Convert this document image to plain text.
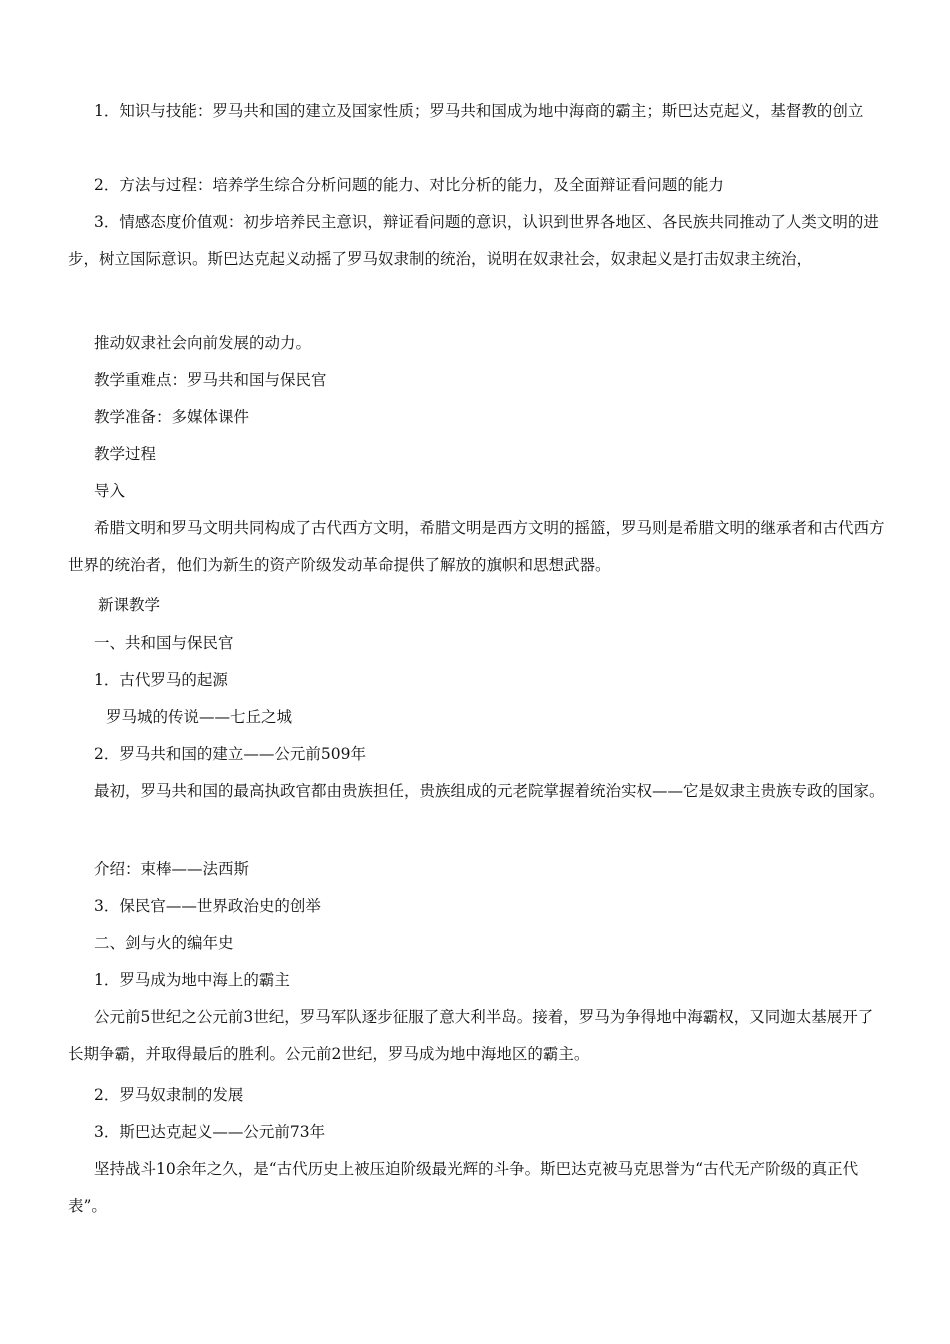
1．知识与技能：罗马共和国的建立及国家性质；罗马共和国成为地中海商的霸主；斯巴达克起义，基督教的创立

2．方法与过程：培养学生综合分析问题的能力、对比分析的能力，及全面辩证看问题的能力

3．情感态度价值观：初步培养民主意识，辩证看问题的意识，认识到世界各地区、各民族共同推动了人类文明的进步，树立国际意识。斯巴达克起义动摇了罗马奴隶制的统治，说明在奴隶社会，奴隶起义是打击奴隶主统治，

推动奴隶社会向前发展的动力。

教学重难点：罗马共和国与保民官

教学准备：多媒体课件

教学过程

导入

希腊文明和罗马文明共同构成了古代西方文明，希腊文明是西方文明的摇篮，罗马则是希腊文明的继承者和古代西方世界的统治者，他们为新生的资产阶级发动革命提供了解放的旗帜和思想武器。

新课教学

一、共和国与保民官

1．古代罗马的起源

罗马城的传说——七丘之城

2．罗马共和国的建立——公元前509年

最初，罗马共和国的最高执政官都由贵族担任，贵族组成的元老院掌握着统治实权——它是奴隶主贵族专政的国家。

介绍：束棒——法西斯

3．保民官——世界政治史的创举

二、剑与火的编年史

1．罗马成为地中海上的霸主

公元前5世纪之公元前3世纪，罗马军队逐步征服了意大利半岛。接着，罗马为争得地中海霸权，又同迦太基展开了长期争霸，并取得最后的胜利。公元前2世纪，罗马成为地中海地区的霸主。

2．罗马奴隶制的发展

3．斯巴达克起义——公元前73年

坚持战斗10余年之久，是“古代历史上被压迫阶级最光辉的斗争。斯巴达克被马克思誉为“古代无产阶级的真正代表”。
